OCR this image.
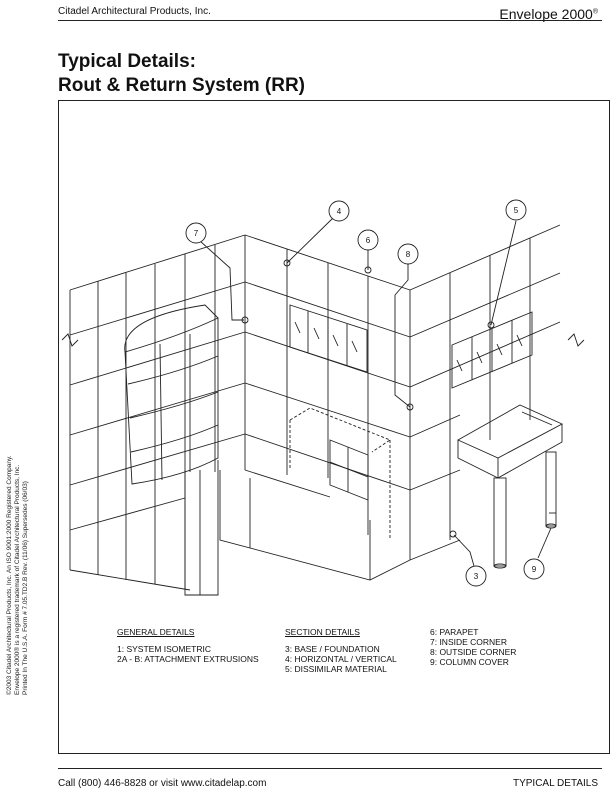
Citadel Architectural Products, Inc.	Envelope 2000®
Typical Details:
Rout & Return System (RR)
©2003 Citadel Architectural Products, Inc. An ISO 9001:2000 Registered Company. Envelope 2000® is a registered trademark of Citadel Architectural Products, Inc. Printed In The U.S.A. Form # 7.05.TD2.B Rev. (11/06) Supersedes (06/03)
4	5
6
8
7
3
9
GENERAL DETAILS
1: SYSTEM ISOMETRIC
2A - B: ATTACHMENT EXTRUSIONS
SECTION DETAILS
3: BASE / FOUNDATION
4: HORIZONTAL / VERTICAL
5: DISSIMILAR MATERIAL
6: PARAPET
7: INSIDE CORNER
8: OUTSIDE CORNER
9: COLUMN COVER
Call (800) 446-8828 or visit www.citadelap.com	TYPICAL DETAILS
